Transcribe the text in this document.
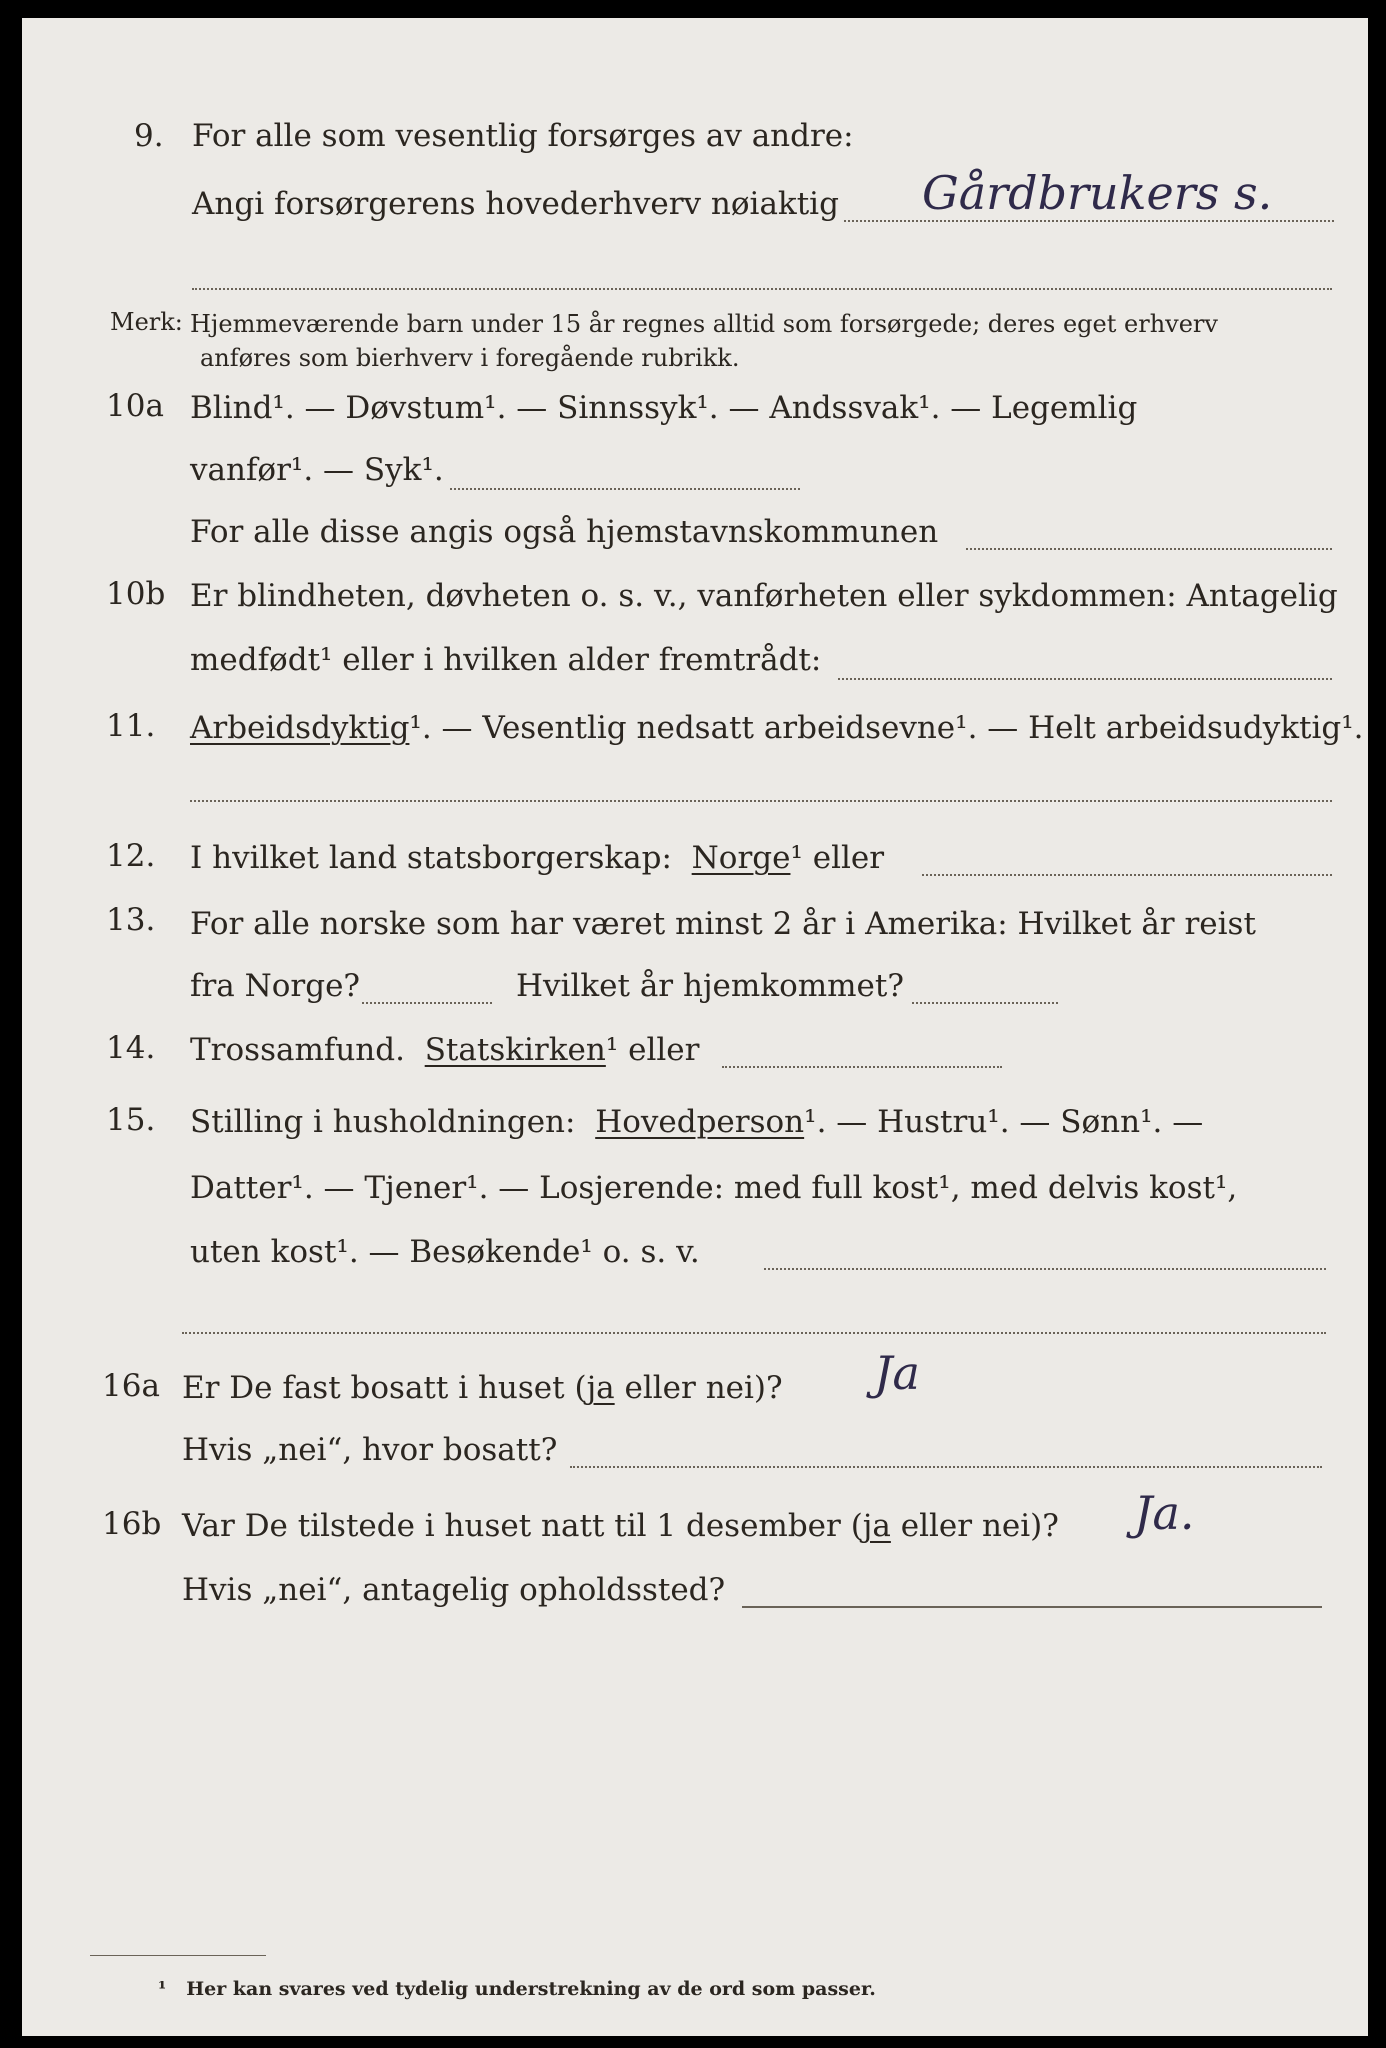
9. For alle som vesentlig forsørges av andre:
Angi forsørgerens hovederhverv nøiaktig Gårdbrukers s.
Merk: Hjemmeværende barn under 15 år regnes alltid som forsørgede; deres eget erhverv
anføres som bierhverv i foregående rubrikk.
10a Blind¹. — Døvstum¹. — Sinnssyk¹. — Andssvak¹. — Legemlig
vanfør¹. — Syk¹.
For alle disse angis også hjemstavnskommunen
10b Er blindheten, døvheten o. s. v., vanførheten eller sykdommen: Antagelig
medfødt¹ eller i hvilken alder fremtrådt:
11. Arbeidsdyktig¹. — Vesentlig nedsatt arbeidsevne¹. — Helt arbeidsudyktig¹.
12. I hvilket land statsborgerskap: Norge¹ eller
13. For alle norske som har været minst 2 år i Amerika: Hvilket år reist
fra Norge?	Hvilket år hjemkommet?
14. Trossamfund. Statskirken¹ eller
15. Stilling i husholdningen: Hovedperson¹. — Hustru¹. — Sønn¹. —
Datter¹. — Tjener¹. — Losjerende: med full kost¹, med delvis kost¹,
uten kost¹. — Besøkende¹ o. s. v.
16a Er De fast bosatt i huset (ja eller nei)? Ja
Hvis „nei“, hvor bosatt?
16b Var De tilstede i huset natt til 1 desember (ja eller nei)? Ja.
Hvis „nei“, antagelig opholdssted?
¹ Her kan svares ved tydelig understrekning av de ord som passer.
